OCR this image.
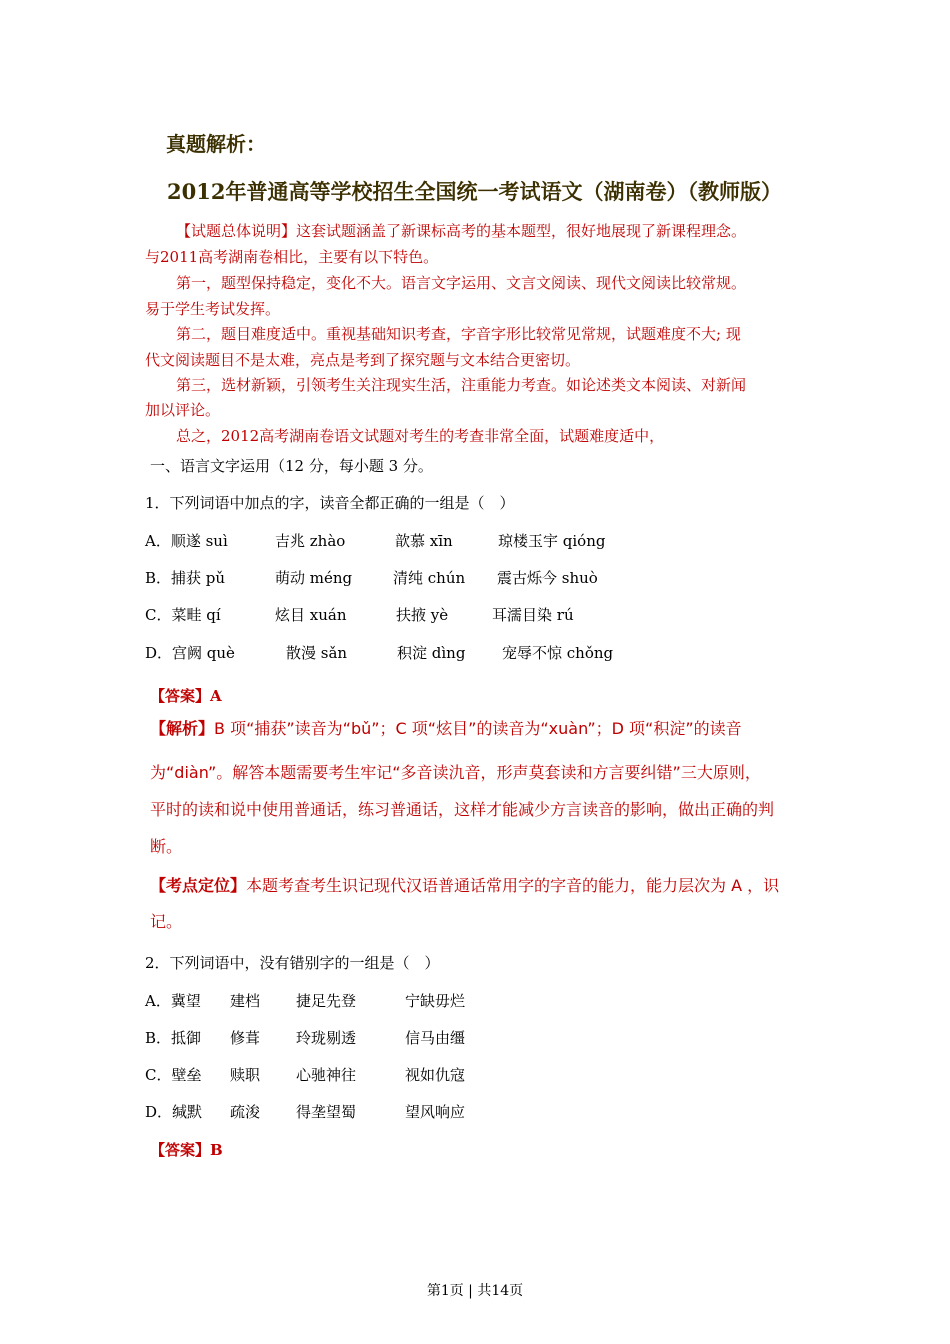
真题解析：
2012年普通高等学校招生全国统一考试语文（湖南卷）（教师版）
【试题总体说明】这套试题涵盖了新课标高考的基本题型，很好地展现了新课程理念。
与2011高考湖南卷相比，主要有以下特色。
第一，题型保持稳定，变化不大。语言文字运用、文言文阅读、现代文阅读比较常规。
易于学生考试发挥。
第二，题目难度适中。重视基础知识考查，字音字形比较常见常规，试题难度不大; 现
代文阅读题目不是太难，亮点是考到了探究题与文本结合更密切。
第三，选材新颖，引领考生关注现实生活，注重能力考查。如论述类文本阅读、对新闻
加以评论。
总之，2012高考湖南卷语文试题对考生的考查非常全面，试题难度适中，
一、语言文字运用（12 分，每小题 3 分。
1．下列词语中加点的字，读音全都正确的一组是（　）
A．顺遂 suì	吉兆 zhào	歆慕 xīn	琼楼玉宇 qióng
B．捕获 pǔ	萌动 méng	清纯 chún 震古烁今 shuò
C．菜畦 qí	炫目 xuán	扶掖 yè	耳濡目染 rú
D．宫阙 què	散漫 sǎn	积淀 dìng 宠辱不惊 chǒng
【答案】A
【解析】B 项“捕获”读音为“bǔ”；C 项“炫目”的读音为“xuàn”；D 项“积淀”的读音
为“diàn”。解答本题需要考生牢记“多音读氿音，形声莫套读和方言要纠错”三大原则，
平时的读和说中使用普通话，练习普通话，这样才能减少方言读音的影响，做出正确的判
断。
【考点定位】本题考查考生识记现代汉语普通话常用字的字音的能力，能力层次为 A ，识
记。
2．下列词语中，没有错别字的一组是（　）
A．冀望 建档 捷足先登	宁缺毋烂
B．抵御 修葺 玲珑剔透	信马由缰
C．壁垒 赎职 心驰神往	视如仇寇
D．缄默 疏浚 得垄望蜀	望风响应
【答案】B
第1页 | 共14页
